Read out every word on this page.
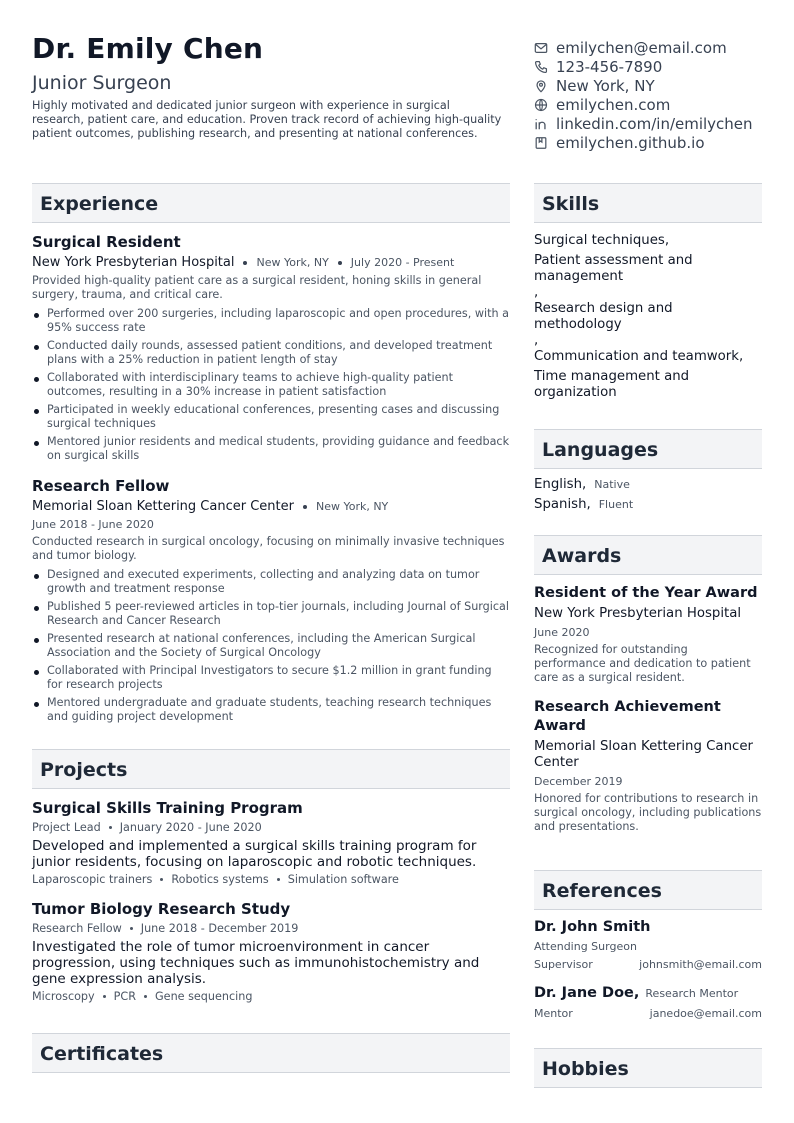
Dr. Emily Chen
Junior Surgeon
Highly motivated and dedicated junior surgeon with experience in surgical research, patient care, and education. Proven track record of achieving high-quality patient outcomes, publishing research, and presenting at national conferences.
emilychen@email.com
123-456-7890
New York, NY
emilychen.com
linkedin.com/in/emilychen
emilychen.github.io
Experience
Surgical Resident
New York Presbyterian Hospital New York, NY July 2020 - Present
Provided high-quality patient care as a surgical resident, honing skills in general surgery, trauma, and critical care.
Performed over 200 surgeries, including laparoscopic and open procedures, with a 95% success rate
Conducted daily rounds, assessed patient conditions, and developed treatment plans with a 25% reduction in patient length of stay
Collaborated with interdisciplinary teams to achieve high-quality patient outcomes, resulting in a 30% increase in patient satisfaction
Participated in weekly educational conferences, presenting cases and discussing surgical techniques
Mentored junior residents and medical students, providing guidance and feedback on surgical skills
Research Fellow
Memorial Sloan Kettering Cancer Center New York, NY
June 2018 - June 2020
Conducted research in surgical oncology, focusing on minimally invasive techniques and tumor biology.
Designed and executed experiments, collecting and analyzing data on tumor growth and treatment response
Published 5 peer-reviewed articles in top-tier journals, including Journal of Surgical Research and Cancer Research
Presented research at national conferences, including the American Surgical Association and the Society of Surgical Oncology
Collaborated with Principal Investigators to secure $1.2 million in grant funding for research projects
Mentored undergraduate and graduate students, teaching research techniques and guiding project development
Projects
Surgical Skills Training Program
Project Lead January 2020 - June 2020
Developed and implemented a surgical skills training program for junior residents, focusing on laparoscopic and robotic techniques.
Laparoscopic trainers Robotics systems Simulation software
Tumor Biology Research Study
Research Fellow June 2018 - December 2019
Investigated the role of tumor microenvironment in cancer progression, using techniques such as immunohistochemistry and gene expression analysis.
Microscopy PCR Gene sequencing
Certificates
Skills
Surgical techniques,
Patient assessment and management
,
Research design and methodology
,
Communication and teamwork,
Time management and organization
Languages
English, Native
Spanish, Fluent
Awards
Resident of the Year Award
New York Presbyterian Hospital
June 2020
Recognized for outstanding performance and dedication to patient care as a surgical resident.
Research Achievement Award
Memorial Sloan Kettering Cancer Center
December 2019
Honored for contributions to research in surgical oncology, including publications and presentations.
References
Dr. John Smith
Attending Surgeon
Supervisor	johnsmith@email.com
Dr. Jane Doe, Research Mentor
Mentor	janedoe@email.com
Hobbies
